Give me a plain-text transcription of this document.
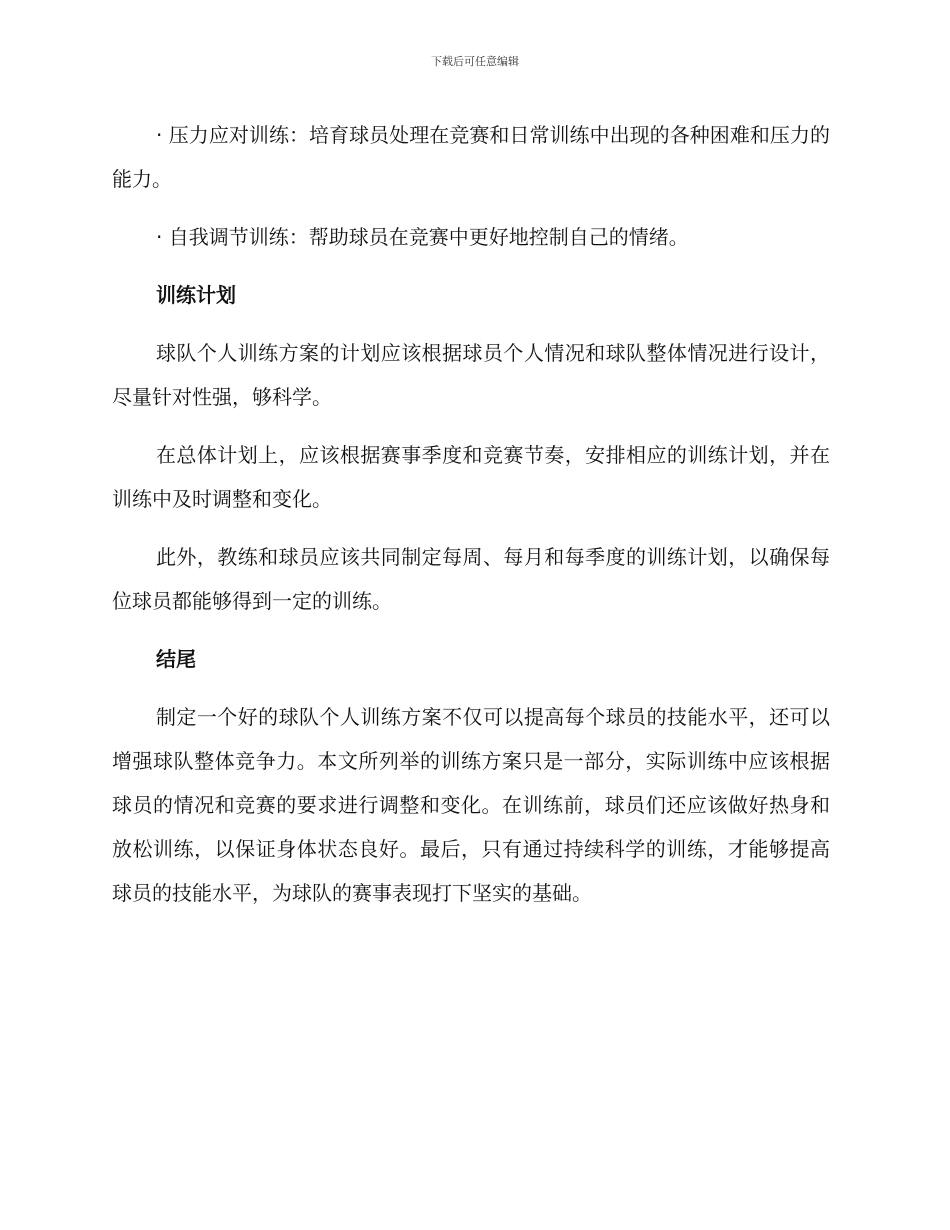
下载后可任意编辑

· 压力应对训练：培育球员处理在竞赛和日常训练中出现的各种困难和压力的能力。

· 自我调节训练：帮助球员在竞赛中更好地控制自己的情绪。

训练计划

球队个人训练方案的计划应该根据球员个人情况和球队整体情况进行设计，尽量针对性强，够科学。

在总体计划上，应该根据赛事季度和竞赛节奏，安排相应的训练计划，并在训练中及时调整和变化。

此外，教练和球员应该共同制定每周、每月和每季度的训练计划，以确保每位球员都能够得到一定的训练。

结尾

制定一个好的球队个人训练方案不仅可以提高每个球员的技能水平，还可以增强球队整体竞争力。本文所列举的训练方案只是一部分，实际训练中应该根据球员的情况和竞赛的要求进行调整和变化。在训练前，球员们还应该做好热身和放松训练，以保证身体状态良好。最后，只有通过持续科学的训练，才能够提高球员的技能水平，为球队的赛事表现打下坚实的基础。
